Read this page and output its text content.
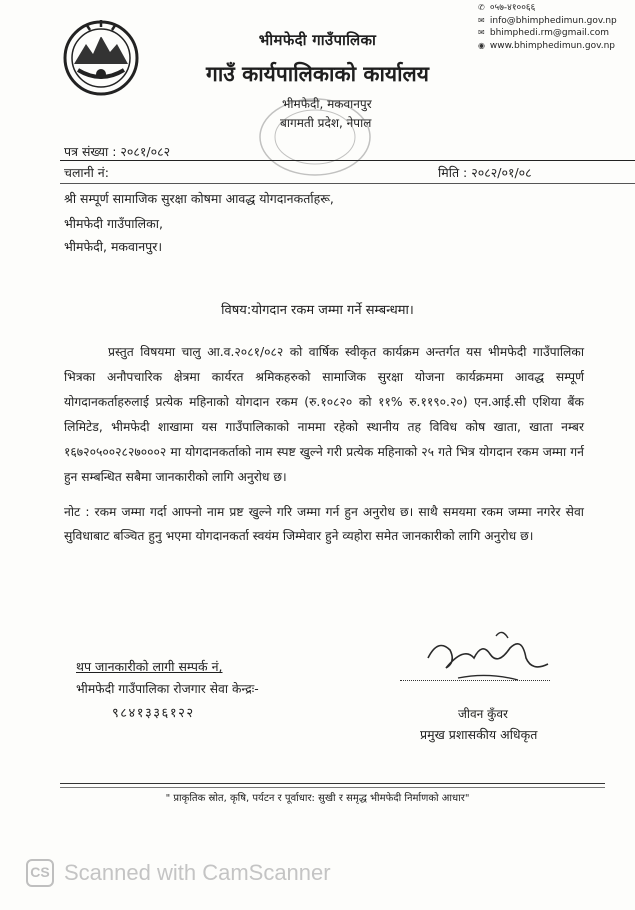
भीमफेदी गाउँपालिका
गाउँ कार्यपालिकाको कार्यालय
भीमफेदी, मकवानपुर
बागमती प्रदेश, नेपाल
✆ ०५७-४१००६६
✉ info@bhimphedimun.gov.np
✉ bhimphedi.rm@gmail.com
◉ www.bhimphedimun.gov.np
पत्र संख्या : २०८१/०८२
चलानी नं:	मिति : २०८२/०१/०८
श्री सम्पूर्ण सामाजिक सुरक्षा कोषमा आवद्ध योगदानकर्ताहरू,
भीमफेदी गाउँपालिका,
भीमफेदी, मकवानपुर।
विषय:योगदान रकम जम्मा गर्ने सम्बन्धमा।
प्रस्तुत विषयमा चालु आ.व.२०८१/०८२ को वार्षिक स्वीकृत कार्यक्रम अन्तर्गत यस भीमफेदी गाउँपालिका भित्रका अनौपचारिक क्षेत्रमा कार्यरत श्रमिकहरुको सामाजिक सुरक्षा योजना कार्यक्रममा आवद्ध सम्पूर्ण योगदानकर्ताहरुलाई प्रत्येक महिनाको योगदान रकम (रु.१०८२० को ११% रु.११९०.२०) एन.आई.सी एशिया बैंक लिमिटेड, भीमफेदी शाखामा यस गाउँपालिकाको नाममा रहेको स्थानीय तह विविध कोष खाता, खाता नम्बर १६७२०५००२८२७०००२ मा योगदानकर्ताको नाम स्पष्ट खुल्ने गरी प्रत्येक महिनाको २५ गते भित्र योगदान रकम जम्मा गर्न हुन सम्बन्धित सबैमा जानकारीको लागि अनुरोध छ।
नोट : रकम जम्मा गर्दा आफ्नो नाम प्रष्ट खुल्ने गरि जम्मा गर्न हुन अनुरोध छ। साथै समयमा रकम जम्मा नगरेर सेवा सुविधाबाट बञ्चित हुनु भएमा योगदानकर्ता स्वयंम जिम्मेवार हुने व्यहोरा समेत जानकारीको लागि अनुरोध छ।
थप जानकारीको लागी सम्पर्क नं,
भीमफेदी गाउँपालिका रोजगार सेवा केन्द्रः-
९८४१३३६१२२	जीवन कुँवर
प्रमुख प्रशासकीय अधिकृत
" प्राकृतिक स्रोत, कृषि, पर्यटन र पूर्वाधार: सुखी र समृद्ध भीमफेदी निर्माणको आधार"
CS Scanned with CamScanner
